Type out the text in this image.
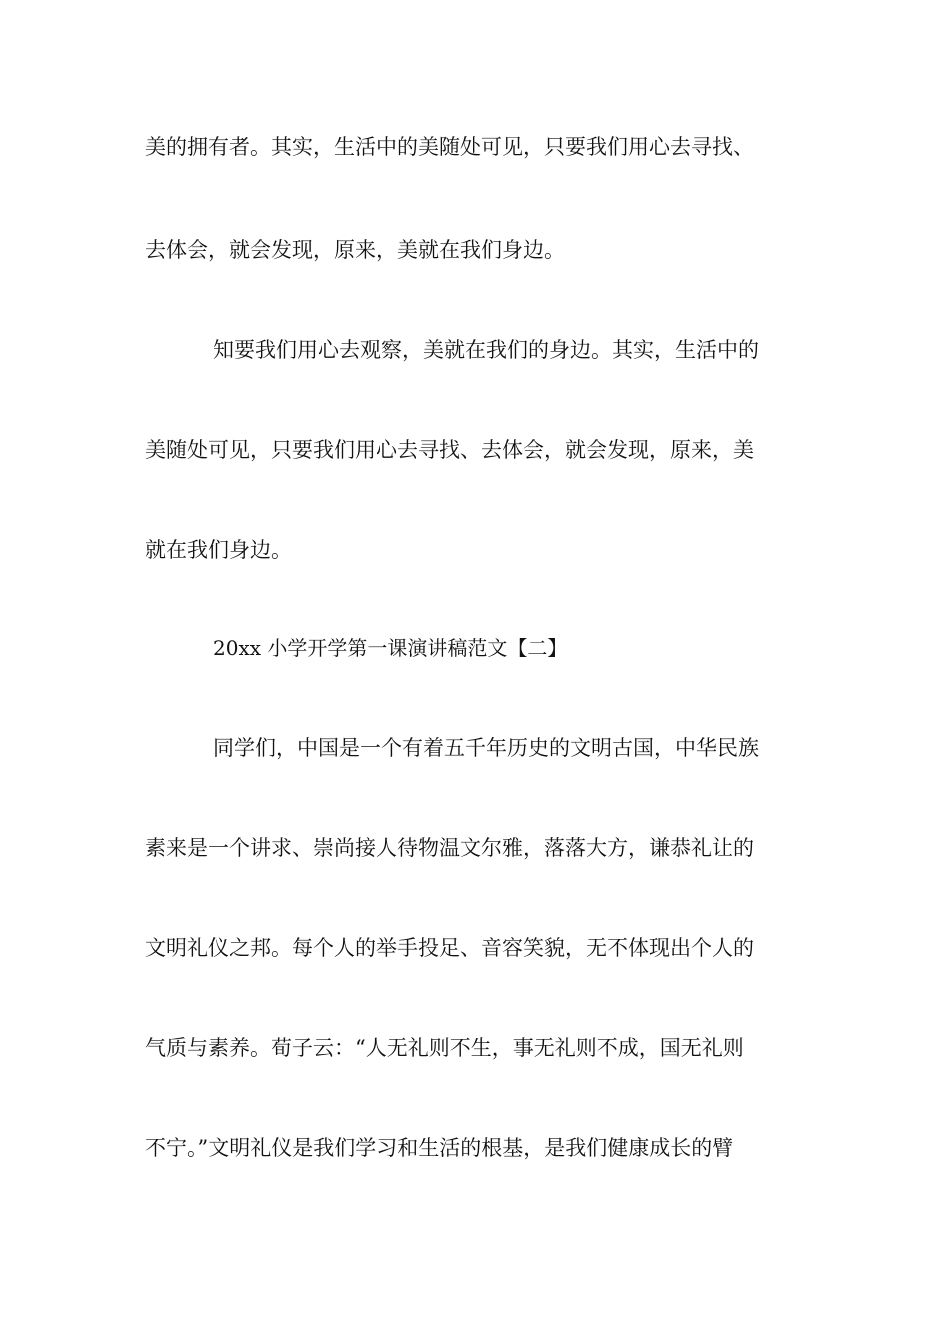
美的拥有者。其实，生活中的美随处可见，只要我们用心去寻找、
去体会，就会发现，原来，美就在我们身边。
知要我们用心去观察，美就在我们的身边。其实，生活中的
美随处可见，只要我们用心去寻找、去体会，就会发现，原来，美
就在我们身边。
20xx 小学开学第一课演讲稿范文【二】
同学们，中国是一个有着五千年历史的文明古国，中华民族
素来是一个讲求、崇尚接人待物温文尔雅，落落大方，谦恭礼让的
文明礼仪之邦。每个人的举手投足、音容笑貌，无不体现出个人的
气质与素养。荀子云：“人无礼则不生，事无礼则不成，国无礼则
不宁。”文明礼仪是我们学习和生活的根基，是我们健康成长的臂
